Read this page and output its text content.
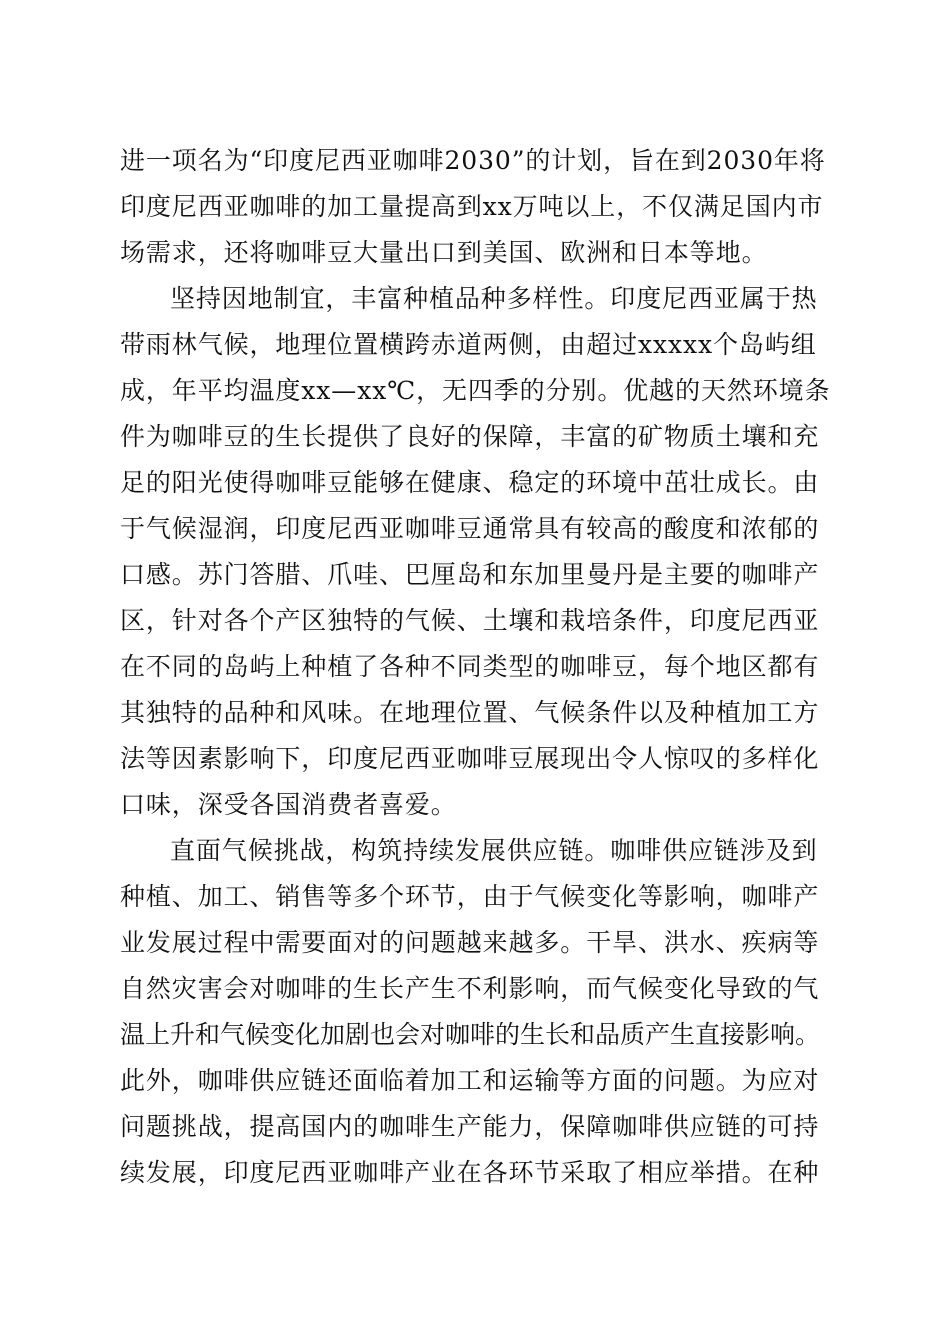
进一项名为“印度尼西亚咖啡2030”的计划，旨在到2030年将

印度尼西亚咖啡的加工量提高到xx万吨以上，不仅满足国内市

场需求，还将咖啡豆大量出口到美国、欧洲和日本等地。

坚持因地制宜，丰富种植品种多样性。印度尼西亚属于热

带雨林气候，地理位置横跨赤道两侧，由超过xxxxx个岛屿组

成，年平均温度xx—xx℃，无四季的分别。优越的天然环境条

件为咖啡豆的生长提供了良好的保障，丰富的矿物质土壤和充

足的阳光使得咖啡豆能够在健康、稳定的环境中茁壮成长。由

于气候湿润，印度尼西亚咖啡豆通常具有较高的酸度和浓郁的

口感。苏门答腊、爪哇、巴厘岛和东加里曼丹是主要的咖啡产

区，针对各个产区独特的气候、土壤和栽培条件，印度尼西亚

在不同的岛屿上种植了各种不同类型的咖啡豆，每个地区都有

其独特的品种和风味。在地理位置、气候条件以及种植加工方

法等因素影响下，印度尼西亚咖啡豆展现出令人惊叹的多样化

口味，深受各国消费者喜爱。

直面气候挑战，构筑持续发展供应链。咖啡供应链涉及到

种植、加工、销售等多个环节，由于气候变化等影响，咖啡产

业发展过程中需要面对的问题越来越多。干旱、洪水、疾病等

自然灾害会对咖啡的生长产生不利影响，而气候变化导致的气

温上升和气候变化加剧也会对咖啡的生长和品质产生直接影响。

此外，咖啡供应链还面临着加工和运输等方面的问题。为应对

问题挑战，提高国内的咖啡生产能力，保障咖啡供应链的可持

续发展，印度尼西亚咖啡产业在各环节采取了相应举措。在种
